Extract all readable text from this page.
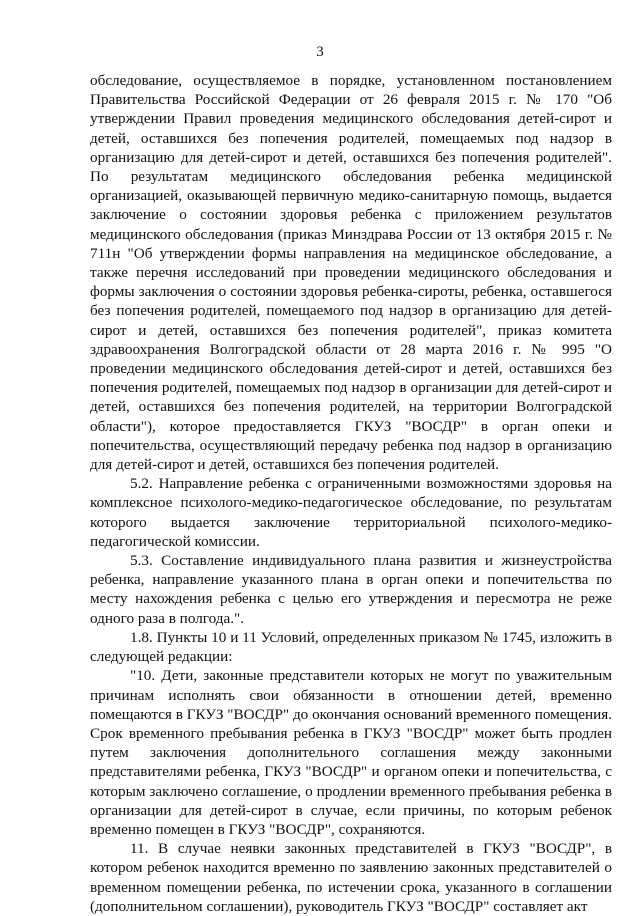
3

обследование, осуществляемое в порядке, установленном постановлением Правительства Российской Федерации от 26 февраля 2015 г. № 170 "Об утверждении Правил проведения медицинского обследования детей-сирот и детей, оставшихся без попечения родителей, помещаемых под надзор в организацию для детей-сирот и детей, оставшихся без попечения родителей". По результатам медицинского обследования ребенка медицинской организацией, оказывающей первичную медико-санитарную помощь, выдается заключение о состоянии здоровья ребенка с приложением результатов медицинского обследования (приказ Минздрава России от 13 октября 2015 г. № 711н "Об утверждении формы направления на медицинское обследование, а также перечня исследований при проведении медицинского обследования и формы заключения о состоянии здоровья ребенка-сироты, ребенка, оставшегося без попечения родителей, помещаемого под надзор в организацию для детей-сирот и детей, оставшихся без попечения родителей", приказ комитета здравоохранения Волгоградской области от 28 марта 2016 г. № 995 "О проведении медицинского обследования детей-сирот и детей, оставшихся без попечения родителей, помещаемых под надзор в организации для детей-сирот и детей, оставшихся без попечения родителей, на территории Волгоградской области"), которое предоставляется ГКУЗ "ВОСДР" в орган опеки и попечительства, осуществляющий передачу ребенка под надзор в организацию для детей-сирот и детей, оставшихся без попечения родителей.

5.2. Направление ребенка с ограниченными возможностями здоровья на комплексное психолого-медико-педагогическое обследование, по результатам которого выдается заключение территориальной психолого-медико-педагогической комиссии.

5.3. Составление индивидуального плана развития и жизнеустройства ребенка, направление указанного плана в орган опеки и попечительства по месту нахождения ребенка с целью его утверждения и пересмотра не реже одного раза в полгода.".

1.8. Пункты 10 и 11 Условий, определенных приказом № 1745, изложить в следующей редакции:

"10. Дети, законные представители которых не могут по уважительным причинам исполнять свои обязанности в отношении детей, временно помещаются в ГКУЗ "ВОСДР" до окончания оснований временного помещения. Срок временного пребывания ребенка в ГКУЗ "ВОСДР" может быть продлен путем заключения дополнительного соглашения между законными представителями ребенка, ГКУЗ "ВОСДР" и органом опеки и попечительства, с которым заключено соглашение, о продлении временного пребывания ребенка в организации для детей-сирот в случае, если причины, по которым ребенок временно помещен в ГКУЗ "ВОСДР", сохраняются.

11. В случае неявки законных представителей в ГКУЗ "ВОСДР", в котором ребенок находится временно по заявлению законных представителей о временном помещении ребенка, по истечении срока, указанного в соглашении (дополнительном соглашении), руководитель ГКУЗ "ВОСДР" составляет акт
